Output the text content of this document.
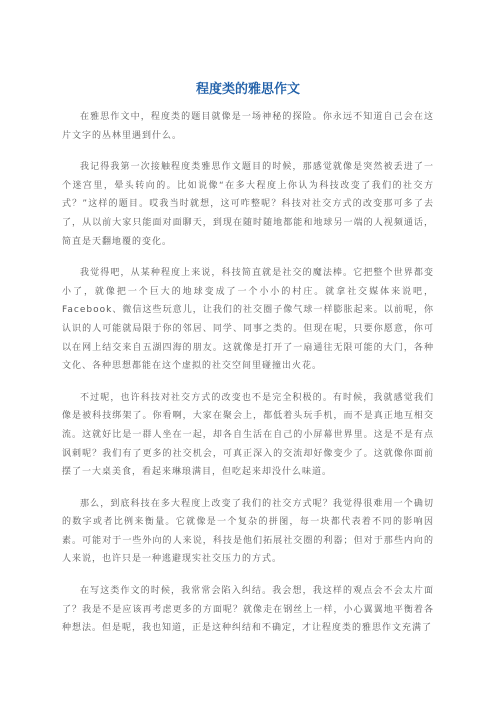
程度类的雅思作文

在雅思作文中，程度类的题目就像是一场神秘的探险。你永远不知道自己会在这片文字的丛林里遇到什么。

我记得我第一次接触程度类雅思作文题目的时候，那感觉就像是突然被丢进了一个迷宫里，晕头转向的。比如说像“在多大程度上你认为科技改变了我们的社交方式？”这样的题目。哎我当时就想，这可咋整呢？科技对社交方式的改变那可多了去了，从以前大家只能面对面聊天，到现在随时随地都能和地球另一端的人视频通话，简直是天翻地覆的变化。

我觉得吧，从某种程度上来说，科技简直就是社交的魔法棒。它把整个世界都变小了，就像把一个巨大的地球变成了一个小小的村庄。就拿社交媒体来说吧，Facebook、微信这些玩意儿，让我们的社交圈子像气球一样膨胀起来。以前呢，你认识的人可能就局限于你的邻居、同学、同事之类的。但现在呢，只要你愿意，你可以在网上结交来自五湖四海的朋友。这就像是打开了一扇通往无限可能的大门，各种文化、各种思想都能在这个虚拟的社交空间里碰撞出火花。

不过呢，也许科技对社交方式的改变也不是完全积极的。有时候，我就感觉我们像是被科技绑架了。你看啊，大家在聚会上，都低着头玩手机，而不是真正地互相交流。这就好比是一群人坐在一起，却各自生活在自己的小屏幕世界里。这是不是有点讽刺呢？我们有了更多的社交机会，可真正深入的交流却好像变少了。这就像你面前摆了一大桌美食，看起来琳琅满目，但吃起来却没什么味道。

那么，到底科技在多大程度上改变了我们的社交方式呢？我觉得很难用一个确切的数字或者比例来衡量。它就像是一个复杂的拼图，每一块都代表着不同的影响因素。可能对于一些外向的人来说，科技是他们拓展社交圈的利器；但对于那些内向的人来说，也许只是一种逃避现实社交压力的方式。

在写这类作文的时候，我常常会陷入纠结。我会想，我这样的观点会不会太片面了？我是不是应该再考虑更多的方面呢？就像走在钢丝上一样，小心翼翼地平衡着各种想法。但是呢，我也知道，正是这种纠结和不确定，才让程度类的雅思作文充满了
